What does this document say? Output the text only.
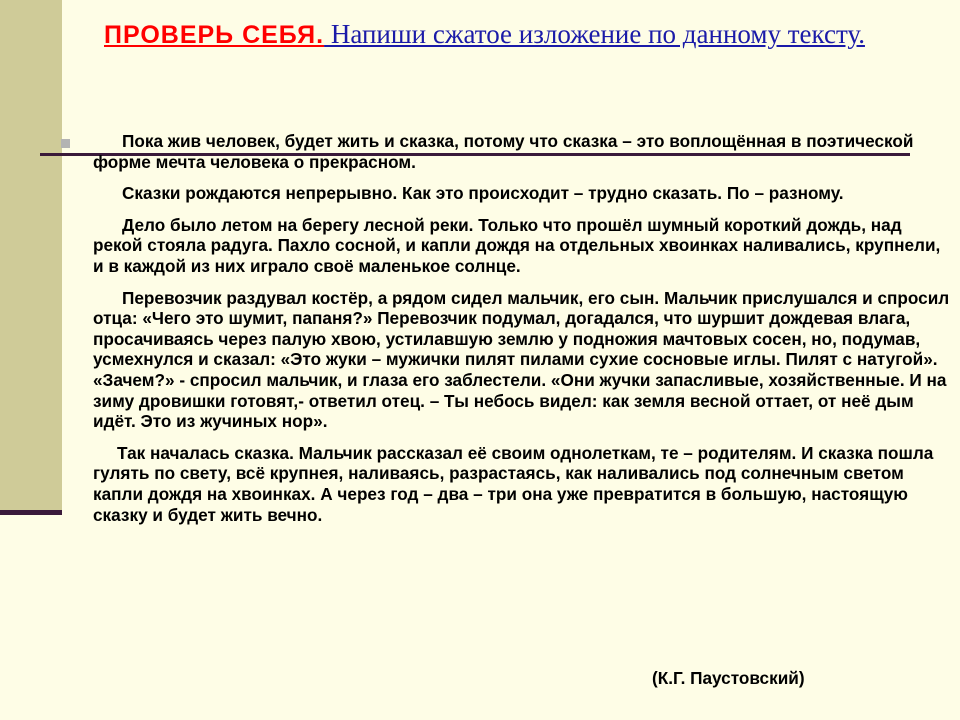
ПРОВЕРЬ СЕБЯ. Напиши сжатое изложение по данному тексту.

Пока жив человек, будет жить и сказка, потому что сказка – это воплощённая в поэтической форме мечта человека о прекрасном.

Сказки рождаются непрерывно. Как это происходит – трудно сказать. По – разному.

Дело было летом на берегу лесной реки. Только что прошёл шумный короткий дождь, над рекой стояла радуга. Пахло сосной, и капли дождя на отдельных хвоинках наливались, крупнели, и в каждой из них играло своё маленькое солнце.

Перевозчик раздувал костёр, а рядом сидел мальчик, его сын. Мальчик прислушался и спросил отца: «Чего это шумит, папаня?» Перевозчик подумал, догадался, что шуршит дождевая влага, просачиваясь через палую хвою, устилавшую землю у подножия мачтовых сосен, но, подумав, усмехнулся и сказал: «Это жуки – мужички пилят пилами сухие сосновые иглы. Пилят с натугой». «Зачем?» - спросил мальчик, и глаза его заблестели. «Они жучки запасливые, хозяйственные. И на зиму дровишки готовят,- ответил отец. – Ты небось видел: как земля весной оттает, от неё дым идёт. Это из жучиных нор».

Так началась сказка. Мальчик рассказал её своим однолеткам, те – родителям. И сказка пошла гулять по свету, всё крупнея, наливаясь, разрастаясь, как наливались под солнечным светом капли дождя на хвоинках. А через год – два – три она уже превратится в большую, настоящую сказку и будет жить вечно.

(К.Г. Паустовский)
